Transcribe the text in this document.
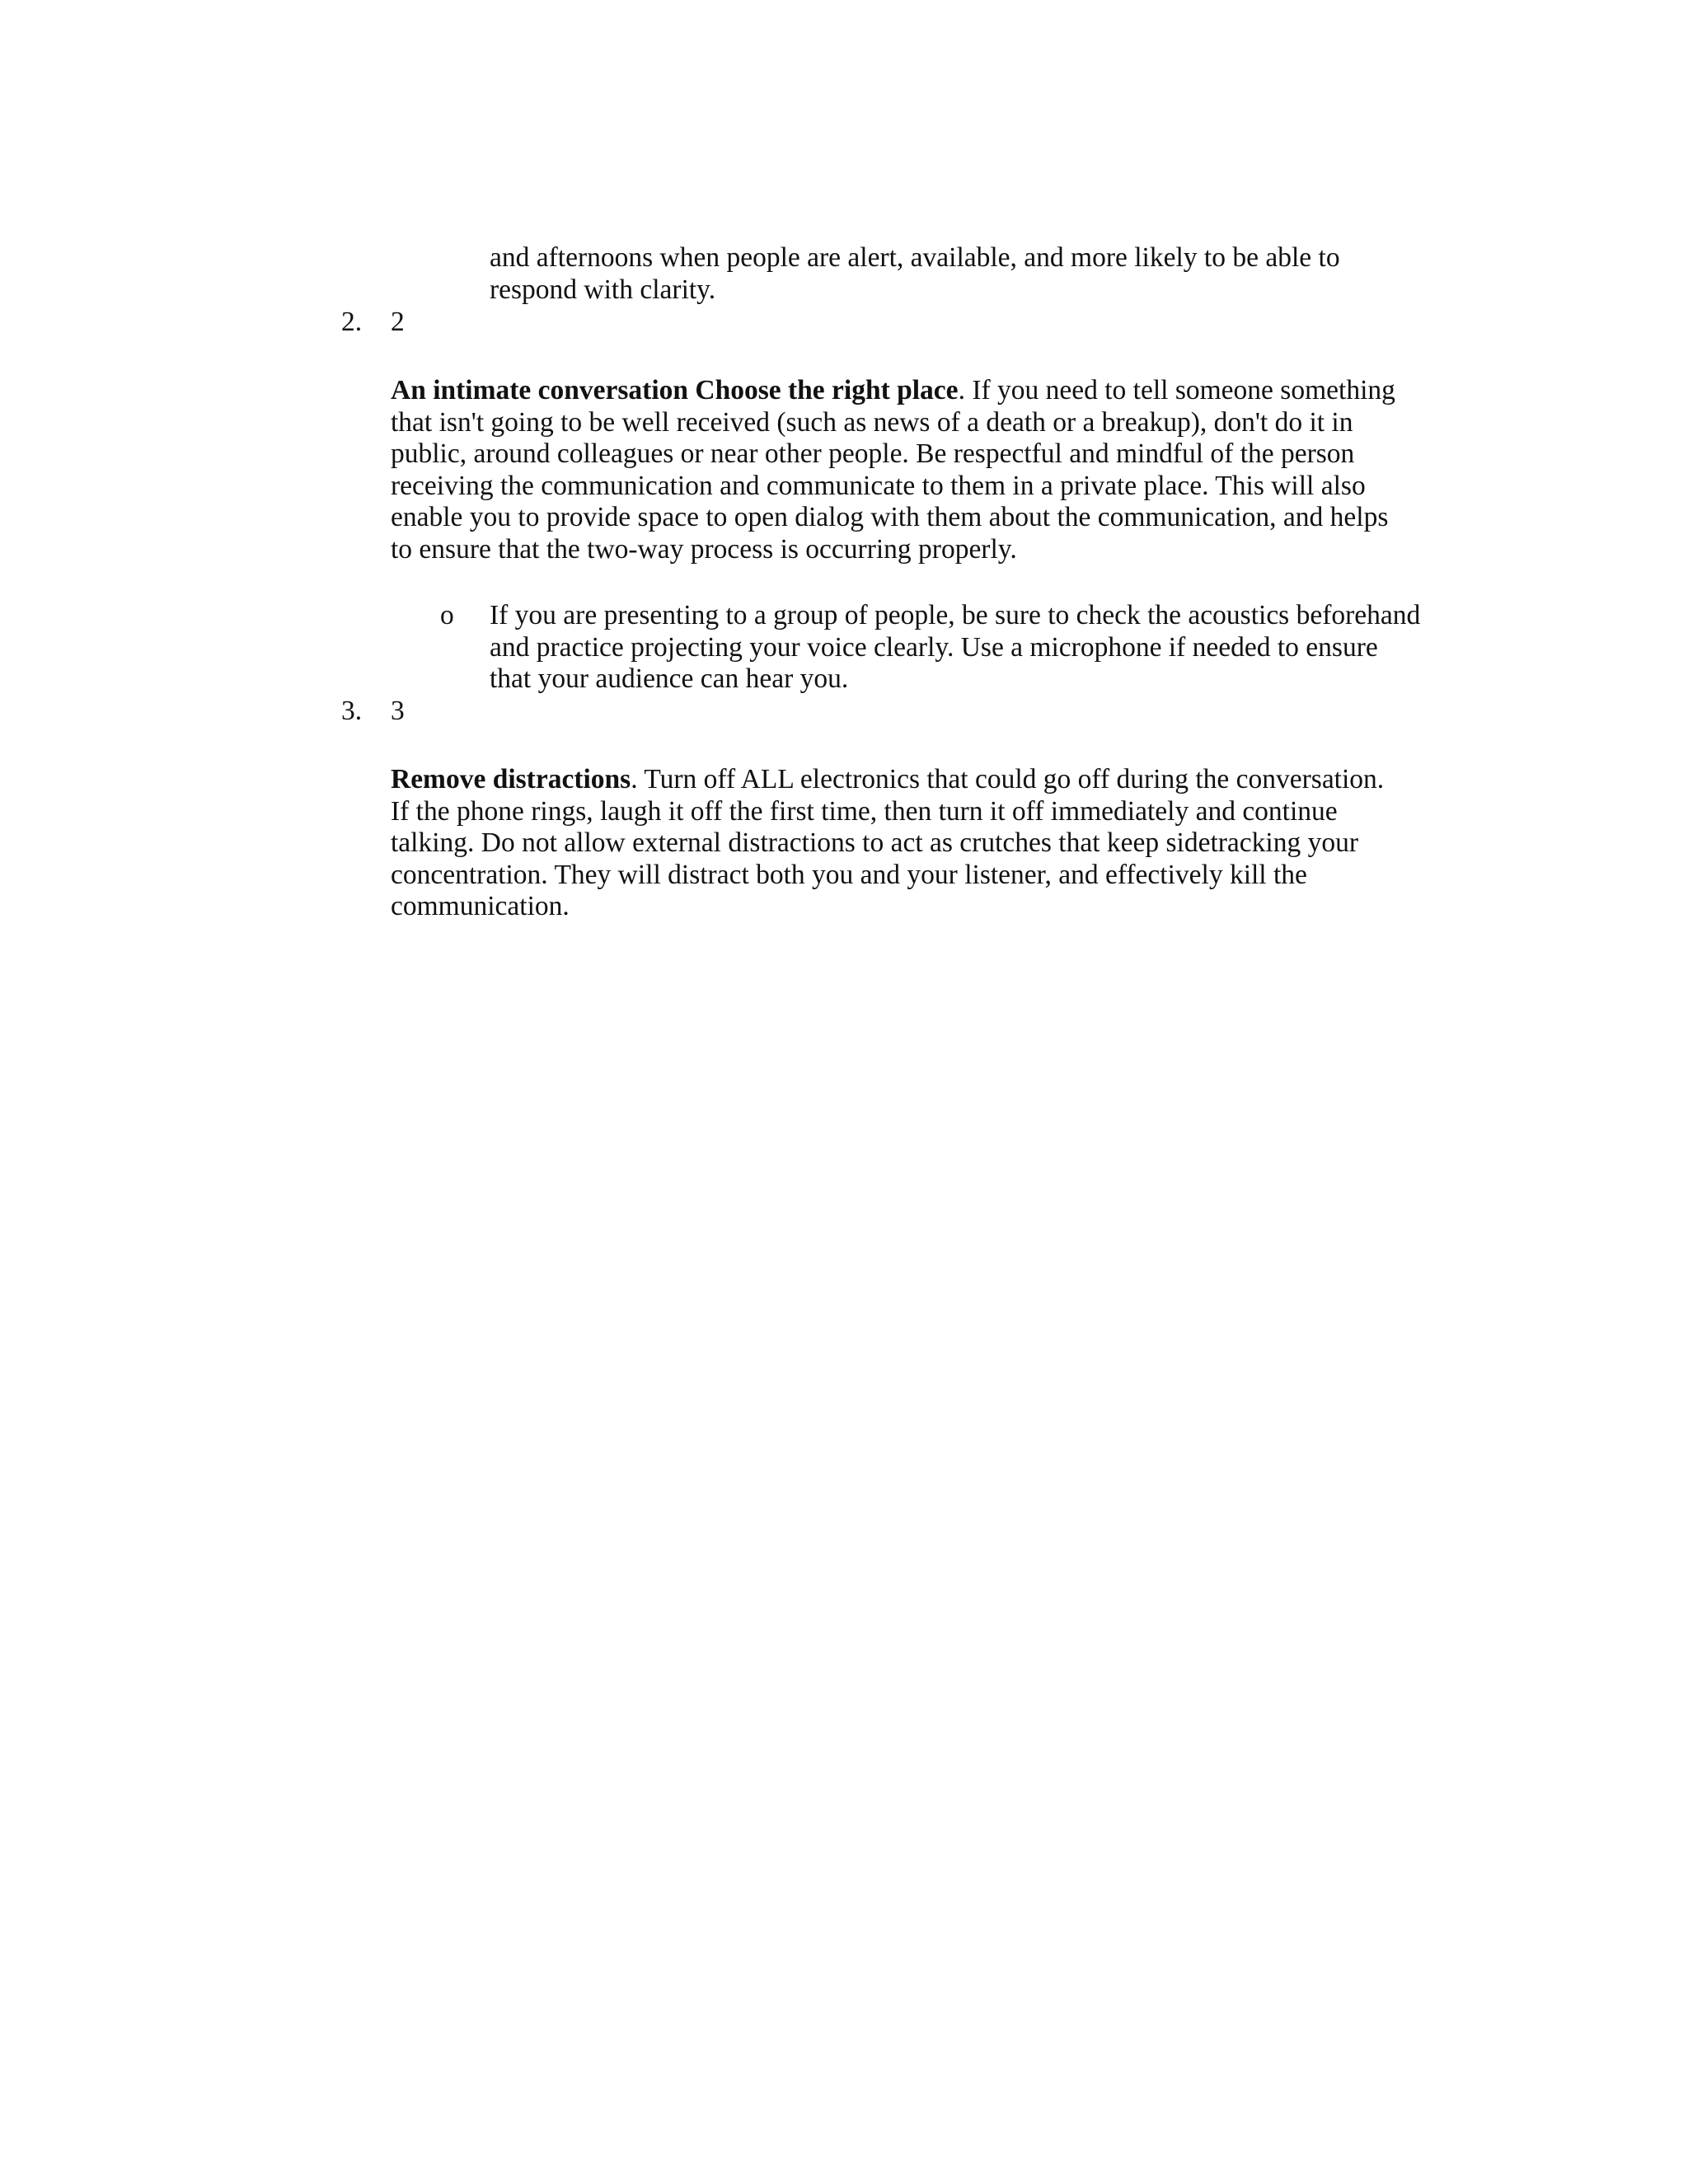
and afternoons when people are alert, available, and more likely to be able to respond with clarity.

2. 2

An intimate conversation Choose the right place. If you need to tell someone something that isn't going to be well received (such as news of a death or a breakup), don't do it in public, around colleagues or near other people. Be respectful and mindful of the person receiving the communication and communicate to them in a private place. This will also enable you to provide space to open dialog with them about the communication, and helps to ensure that the two-way process is occurring properly.

o If you are presenting to a group of people, be sure to check the acoustics beforehand and practice projecting your voice clearly. Use a microphone if needed to ensure that your audience can hear you.

3. 3

Remove distractions. Turn off ALL electronics that could go off during the conversation. If the phone rings, laugh it off the first time, then turn it off immediately and continue talking. Do not allow external distractions to act as crutches that keep sidetracking your concentration. They will distract both you and your listener, and effectively kill the communication.
